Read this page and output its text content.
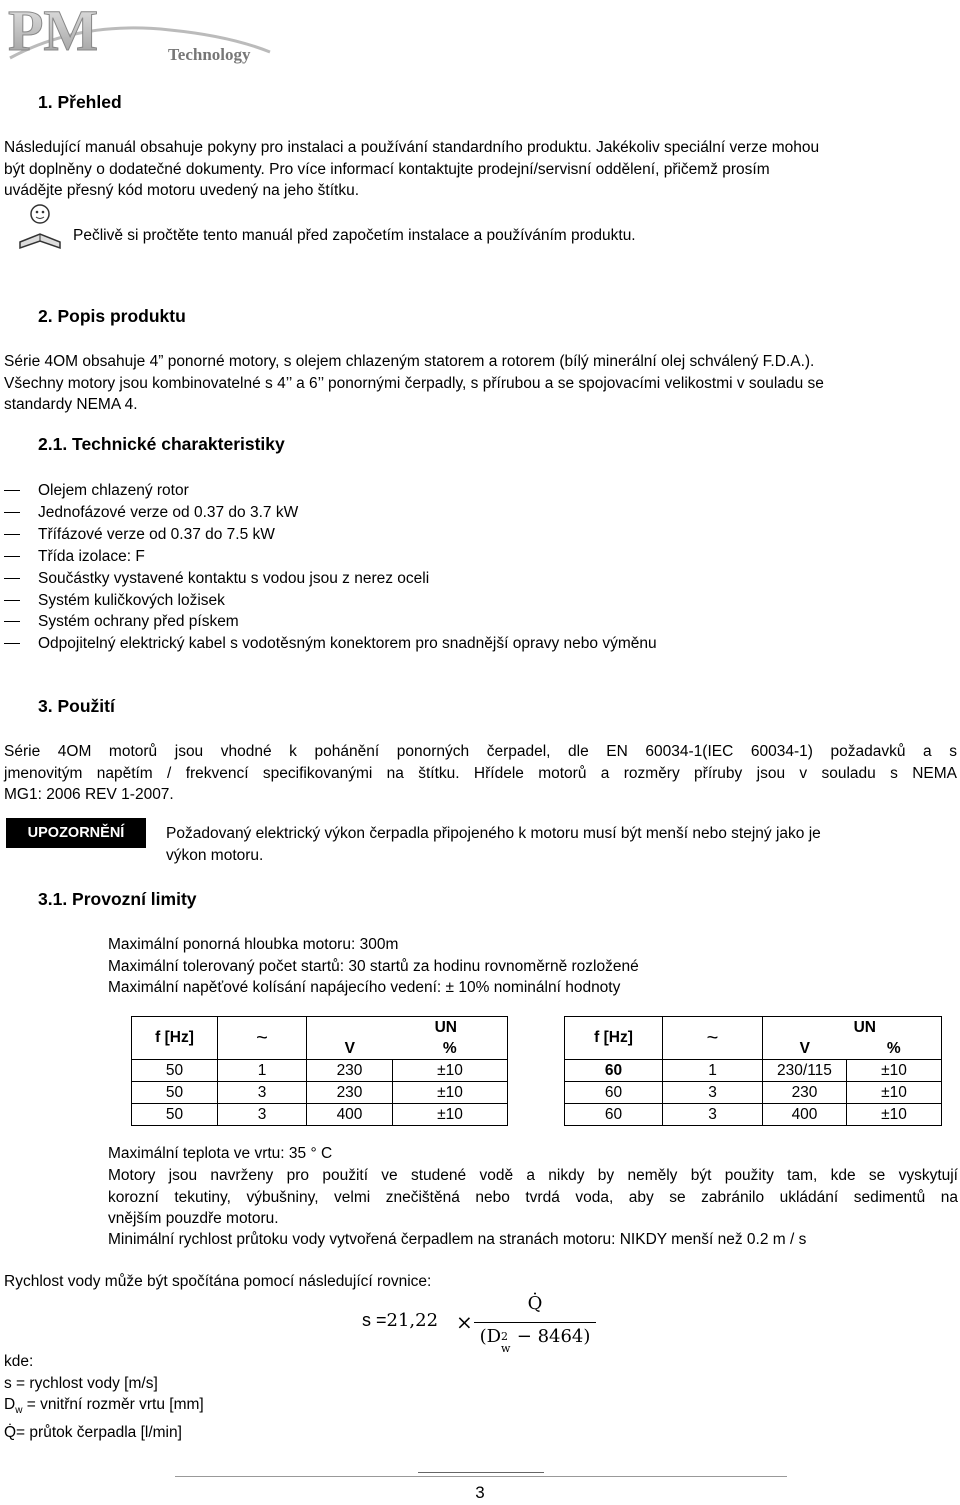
PM	Technology
1. Přehled
Následující manuál obsahuje pokyny pro instalaci a používání standardního produktu. Jakékoliv speciální verze mohou
být doplněny o dodatečné dokumenty. Pro více informací kontaktujte prodejní/servisní oddělení, přičemž prosím
uvádějte přesný kód motoru uvedený na jeho štítku.
Pečlivě si pročtěte tento manuál před započetím instalace a používáním produktu.
2. Popis produktu
Série 4OM obsahuje 4” ponorné motory, s olejem chlazeným statorem a rotorem (bílý minerální olej schválený F.D.A.).
Všechny motory jsou kombinovatelné s 4’’ a 6’’ ponornými čerpadly, s přírubou a se spojovacími velikostmi v souladu se
standardy NEMA 4.
2.1. Technické charakteristiky
Olejem chlazený rotor
Jednofázové verze od 0.37 do 3.7 kW
Třífázové verze od 0.37 do 7.5 kW
Třída izolace: F
Součástky vystavené kontaktu s vodou jsou z nerez oceli
Systém kuličkových ložisek
Systém ochrany před pískem
Odpojitelný elektrický kabel s vodotěsným konektorem pro snadnější opravy nebo výměnu
3. Použití
Série 4OM motorů jsou vhodné k pohánění ponorných čerpadel, dle EN 60034-1(IEC 60034-1) požadavků a s
jmenovitým napětím / frekvencí specifikovanými na štítku. Hřídele motorů a rozměry příruby jsou v souladu s NEMA
MG1: 2006 REV 1-2007.
UPOZORNĚNÍ	Požadovaný elektrický výkon čerpadla připojeného k motoru musí být menší nebo stejný jako je
výkon motoru.
3.1. Provozní limity
Maximální ponorná hloubka motoru: 300m
Maximální tolerovaný počet startů: 30 startů za hodinu rovnoměrně rozložené
Maximální napěťové kolísání napájecího vedení: ± 10% nominální hodnoty
f [Hz]	~	UN	
		V	%
50	1	230	±10
50	3	230	±10
50	3	400	±10
f [Hz]	~	UN	
		V	%
60	1	230/115	±10
60	3	230	±10
60	3	400	±10
Maximální teplota ve vrtu: 35 ° C
Motory jsou navrženy pro použití ve studené vodě a nikdy by neměly být použity tam, kde se vyskytují
korozní tekutiny, výbušniny, velmi znečištěná nebo tvrdá voda, aby se zabránilo ukládání sedimentů na
vnějším pouzdře motoru.
Minimální rychlost průtoku vody vytvořená čerpadlem na stranách motoru: NIKDY menší než 0.2 m / s
Rychlost vody může být spočítána pomocí následující rovnice:
s =21,22 ×
Q̇
(D 2
w
− 8464)
kde:
s = rychlost vody [m/s]
$D_w$ = vnitřní rozměr vrtu [mm]
Q̇= průtok čerpadla [l/min]
3
